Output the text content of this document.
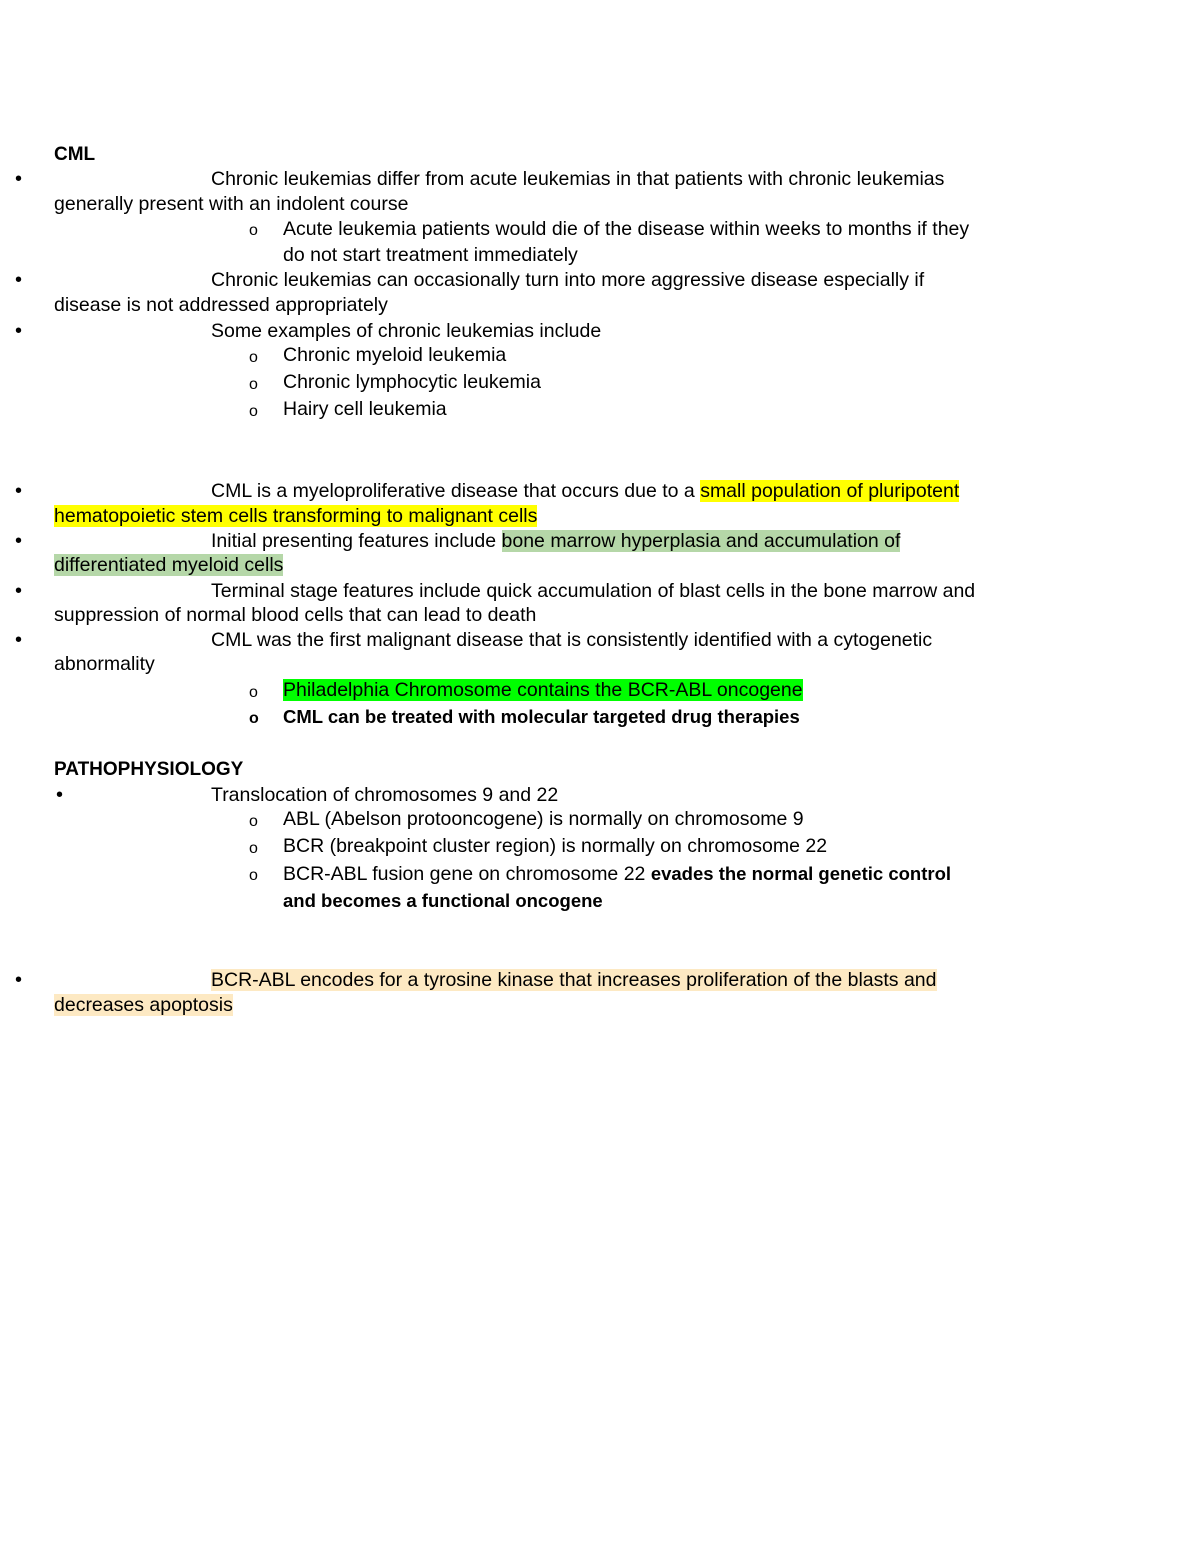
CML
•	Chronic leukemias differ from acute leukemias in that patients with chronic leukemias
generally present with an indolent course
o Acute leukemia patients would die of the disease within weeks to months if they
do not start treatment immediately
•	Chronic leukemias can occasionally turn into more aggressive disease especially if
disease is not addressed appropriately
•	Some examples of chronic leukemias include
o Chronic myeloid leukemia
o Chronic lymphocytic leukemia
o Hairy cell leukemia
•	CML is a myeloproliferative disease that occurs due to a small population of pluripotent
hematopoietic stem cells transforming to malignant cells
•	Initial presenting features include bone marrow hyperplasia and accumulation of
differentiated myeloid cells
•	Terminal stage features include quick accumulation of blast cells in the bone marrow and
suppression of normal blood cells that can lead to death
•	CML was the first malignant disease that is consistently identified with a cytogenetic
abnormality
o Philadelphia Chromosome contains the BCR-ABL oncogene
o CML can be treated with molecular targeted drug therapies
PATHOPHYSIOLOGY
•	Translocation of chromosomes 9 and 22
o ABL (Abelson protooncogene) is normally on chromosome 9
o BCR (breakpoint cluster region) is normally on chromosome 22
o BCR-ABL fusion gene on chromosome 22 evades the normal genetic control
and becomes a functional oncogene
•	BCR-ABL encodes for a tyrosine kinase that increases proliferation of the blasts and
decreases apoptosis
